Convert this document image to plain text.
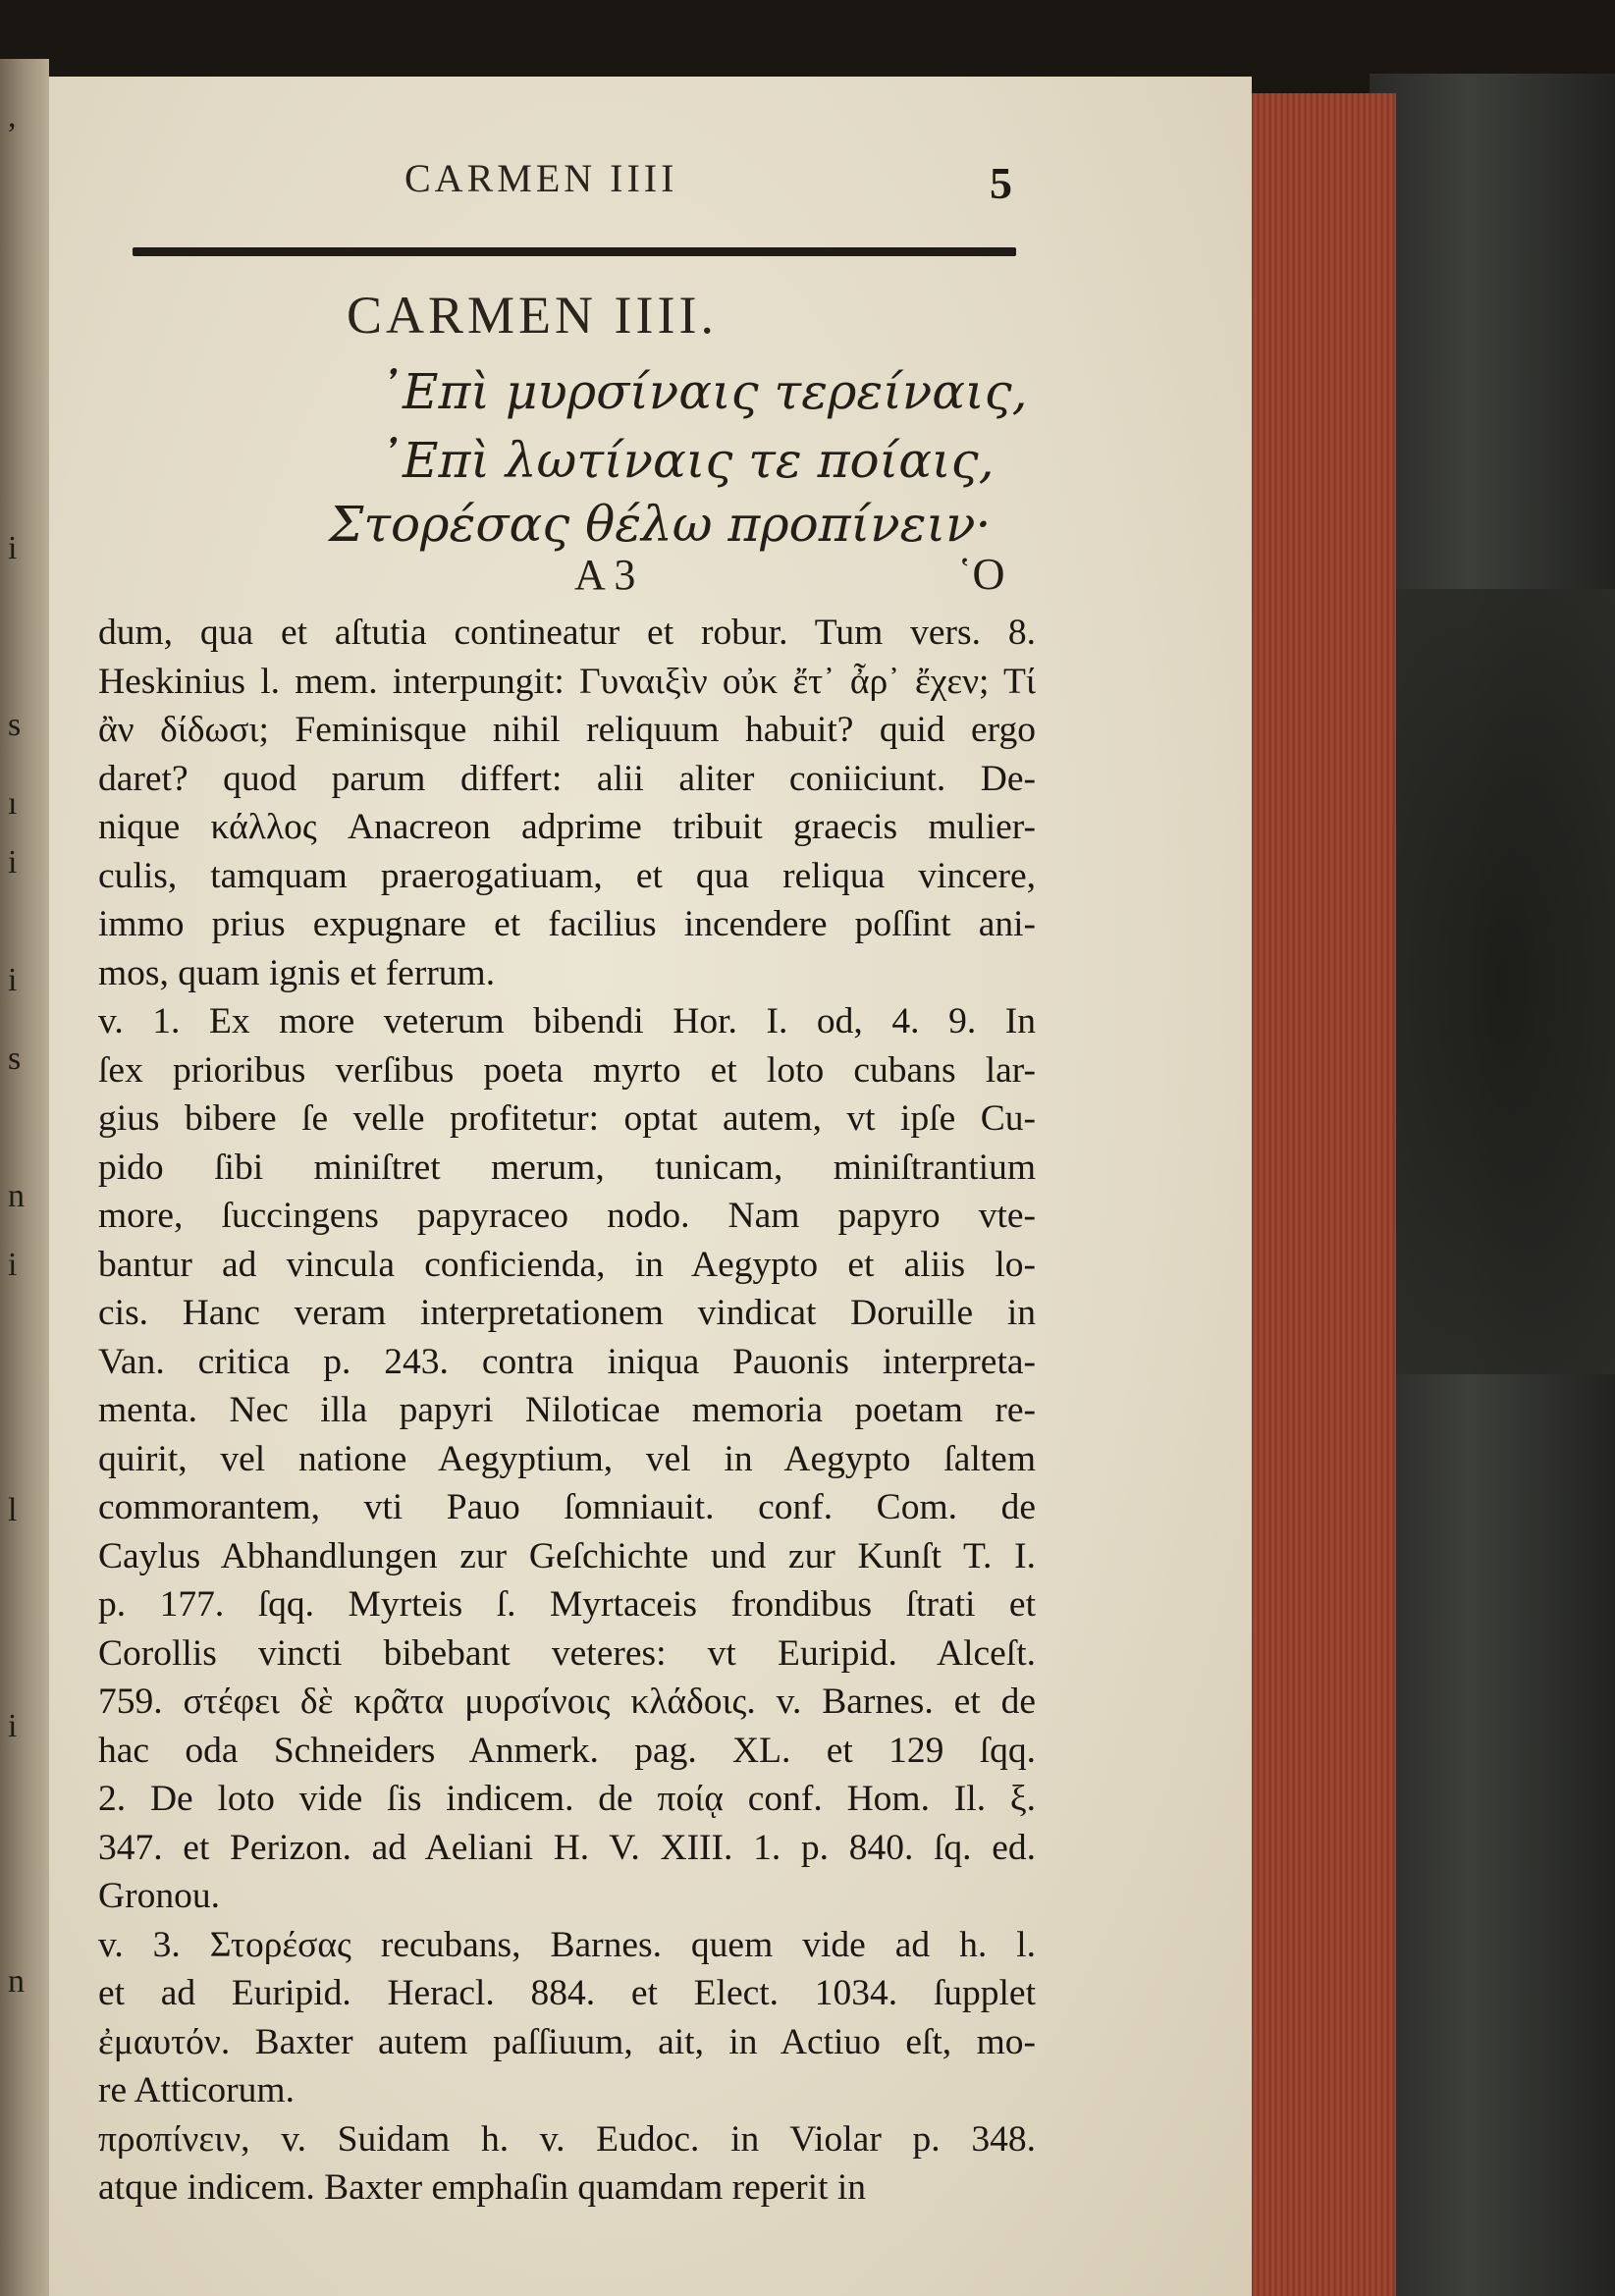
,
i
s
ı
i
i
s
n
i
l
i
n
CARMEN IIII	5
CARMEN IIII.
᾿Επὶ μυρσίναις τερείναις,
᾿Επὶ λωτίναις τε ποίαις,
Στορέσας θέλω προπίνειν·
A 3	῾Ο
dum, qua et aſtutia contineatur et robur. Tum vers. 8.
Heskinius l. mem. interpungit: Γυναιξὶν οὐκ ἔτ᾿ ἆρ᾿ ἔχεν; Τί
ἂν δίδωσι; Feminisque nihil reliquum habuit? quid ergo
daret? quod parum differt: alii aliter coniiciunt. De-
nique κάλλος Anacreon adprime tribuit graecis mulier-
culis, tamquam praerogatiuam, et qua reliqua vincere,
immo prius expugnare et facilius incendere poſſint ani-
mos, quam ignis et ferrum.
v. 1. Ex more veterum bibendi Hor. I. od, 4. 9. In
ſex prioribus verſibus poeta myrto et loto cubans lar-
gius bibere ſe velle profitetur: optat autem, vt ipſe Cu-
pido ſibi miniſtret merum, tunicam, miniſtrantium
more, ſuccingens papyraceo nodo. Nam papyro vte-
bantur ad vincula conficienda, in Aegypto et aliis lo-
cis. Hanc veram interpretationem vindicat Doruille in
Van. critica p. 243. contra iniqua Pauonis interpreta-
menta. Nec illa papyri Niloticae memoria poetam re-
quirit, vel natione Aegyptium, vel in Aegypto ſaltem
commorantem, vti Pauo ſomniauit. conf. Com. de
Caylus Abhandlungen zur Geſchichte und zur Kunſt T. I.
p. 177. ſqq. Myrteis ſ. Myrtaceis frondibus ſtrati et
Corollis vincti bibebant veteres: vt Euripid. Alceſt.
759. στέφει δὲ κρᾶτα μυρσίνοις κλάδοις. v. Barnes. et de
hac oda Schneiders Anmerk. pag. XL. et 129 ſqq.
2. De loto vide ſis indicem. de ποίᾳ conf. Hom. Il. ξ.
347. et Perizon. ad Aeliani H. V. XIII. 1. p. 840. ſq. ed.
Gronou.
v. 3. Στορέσας recubans, Barnes. quem vide ad h. l.
et ad Euripid. Heracl. 884. et Elect. 1034. ſupplet
ἐμαυτόν. Baxter autem paſſiuum, ait, in Actiuo eſt, mo-
re Atticorum.
προπίνειν, v. Suidam h. v. Eudoc. in Violar p. 348.
atque indicem. Baxter emphaſin quamdam reperit in
